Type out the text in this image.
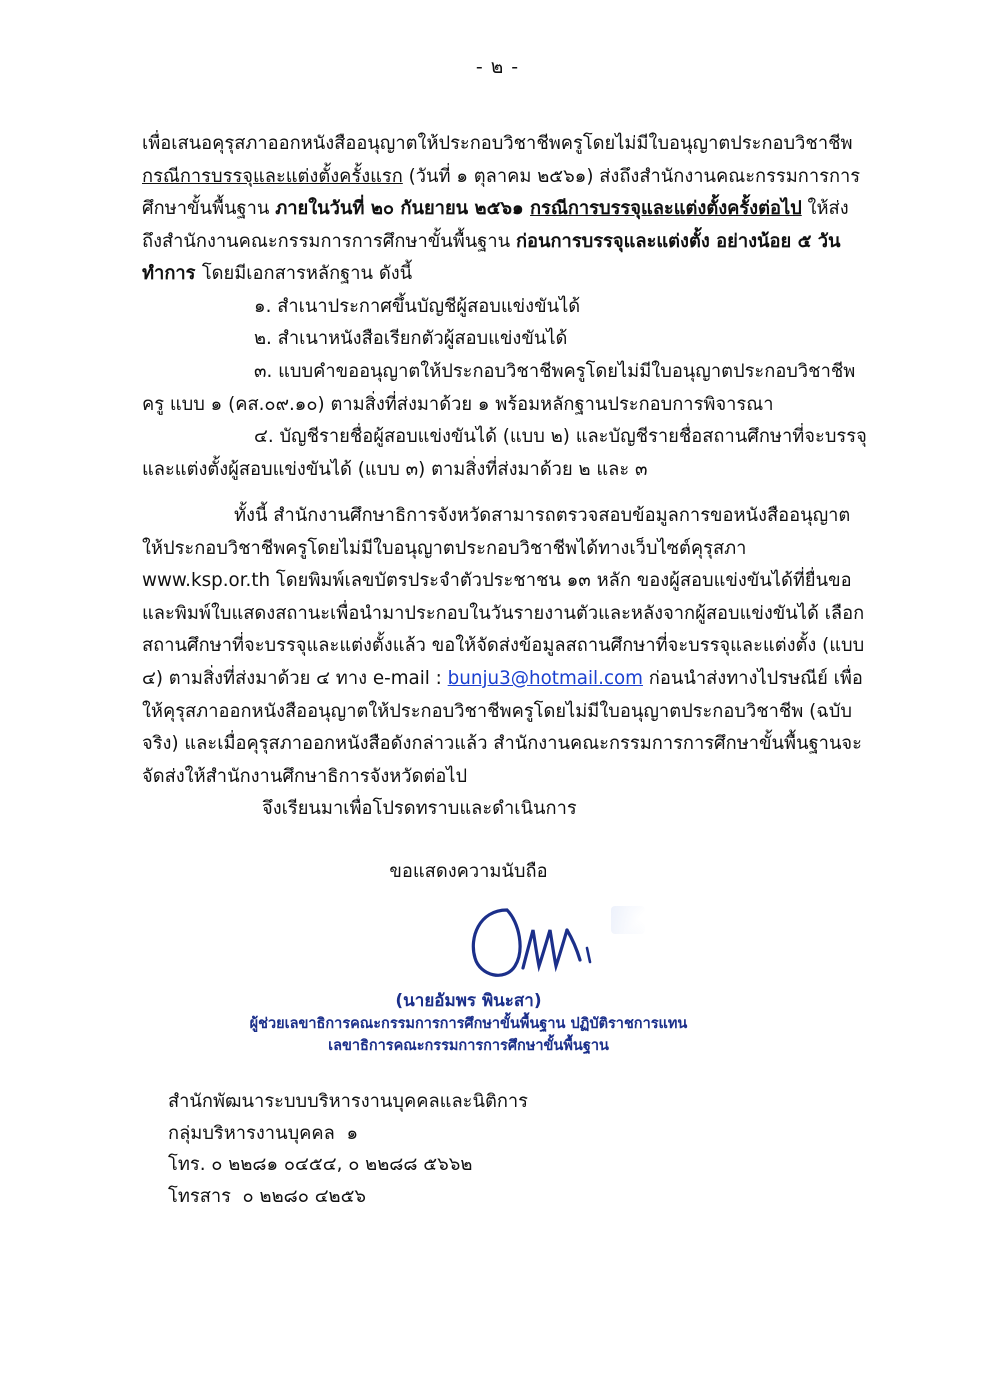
- ๒ -

เพื่อเสนอคุรุสภาออกหนังสืออนุญาตให้ประกอบวิชาชีพครูโดยไม่มีใบอนุญาตประกอบวิชาชีพ กรณีการบรรจุและแต่งตั้งครั้งแรก (วันที่ ๑ ตุลาคม ๒๕๖๑) ส่งถึงสำนักงานคณะกรรมการการศึกษาขั้นพื้นฐาน ภายในวันที่ ๒๐ กันยายน ๒๕๖๑ กรณีการบรรจุและแต่งตั้งครั้งต่อไป ให้ส่งถึงสำนักงานคณะกรรมการการศึกษาขั้นพื้นฐาน ก่อนการบรรจุและแต่งตั้ง อย่างน้อย ๕ วันทำการ โดยมีเอกสารหลักฐาน ดังนี้

๑. สำเนาประกาศขึ้นบัญชีผู้สอบแข่งขันได้

๒. สำเนาหนังสือเรียกตัวผู้สอบแข่งขันได้

๓. แบบคำขออนุญาตให้ประกอบวิชาชีพครูโดยไม่มีใบอนุญาตประกอบวิชาชีพครู แบบ ๑ (คส.๐๙.๑๐) ตามสิ่งที่ส่งมาด้วย ๑ พร้อมหลักฐานประกอบการพิจารณา

๔. บัญชีรายชื่อผู้สอบแข่งขันได้ (แบบ ๒) และบัญชีรายชื่อสถานศึกษาที่จะบรรจุและแต่งตั้งผู้สอบแข่งขันได้ (แบบ ๓) ตามสิ่งที่ส่งมาด้วย ๒ และ ๓

ทั้งนี้ สำนักงานศึกษาธิการจังหวัดสามารถตรวจสอบข้อมูลการขอหนังสืออนุญาตให้ประกอบวิชาชีพครูโดยไม่มีใบอนุญาตประกอบวิชาชีพได้ทางเว็บไซต์คุรุสภา www.ksp.or.th โดยพิมพ์เลขบัตรประจำตัวประชาชน ๑๓ หลัก ของผู้สอบแข่งขันได้ที่ยื่นขอและพิมพ์ใบแสดงสถานะเพื่อนำมาประกอบในวันรายงานตัวและหลังจากผู้สอบแข่งขันได้ เลือกสถานศึกษาที่จะบรรจุและแต่งตั้งแล้ว ขอให้จัดส่งข้อมูลสถานศึกษาที่จะบรรจุและแต่งตั้ง (แบบ ๔) ตามสิ่งที่ส่งมาด้วย ๔ ทาง e-mail : bunju3@hotmail.com ก่อนนำส่งทางไปรษณีย์ เพื่อให้คุรุสภาออกหนังสืออนุญาตให้ประกอบวิชาชีพครูโดยไม่มีใบอนุญาตประกอบวิชาชีพ (ฉบับจริง) และเมื่อคุรุสภาออกหนังสือดังกล่าวแล้ว สำนักงานคณะกรรมการการศึกษาขั้นพื้นฐานจะจัดส่งให้สำนักงานศึกษาธิการจังหวัดต่อไป

จึงเรียนมาเพื่อโปรดทราบและดำเนินการ

ขอแสดงความนับถือ
(นายอัมพร พินะสา)
ผู้ช่วยเลขาธิการคณะกรรมการการศึกษาขั้นพื้นฐาน ปฏิบัติราชการแทน
เลขาธิการคณะกรรมการการศึกษาขั้นพื้นฐาน
สำนักพัฒนาระบบบริหารงานบุคคลและนิติการ
กลุ่มบริหารงานบุคคล  ๑
โทร. ๐ ๒๒๘๑ ๐๔๕๔, ๐ ๒๒๘๘ ๕๖๖๒
โทรสาร  ๐ ๒๒๘๐ ๔๒๕๖
